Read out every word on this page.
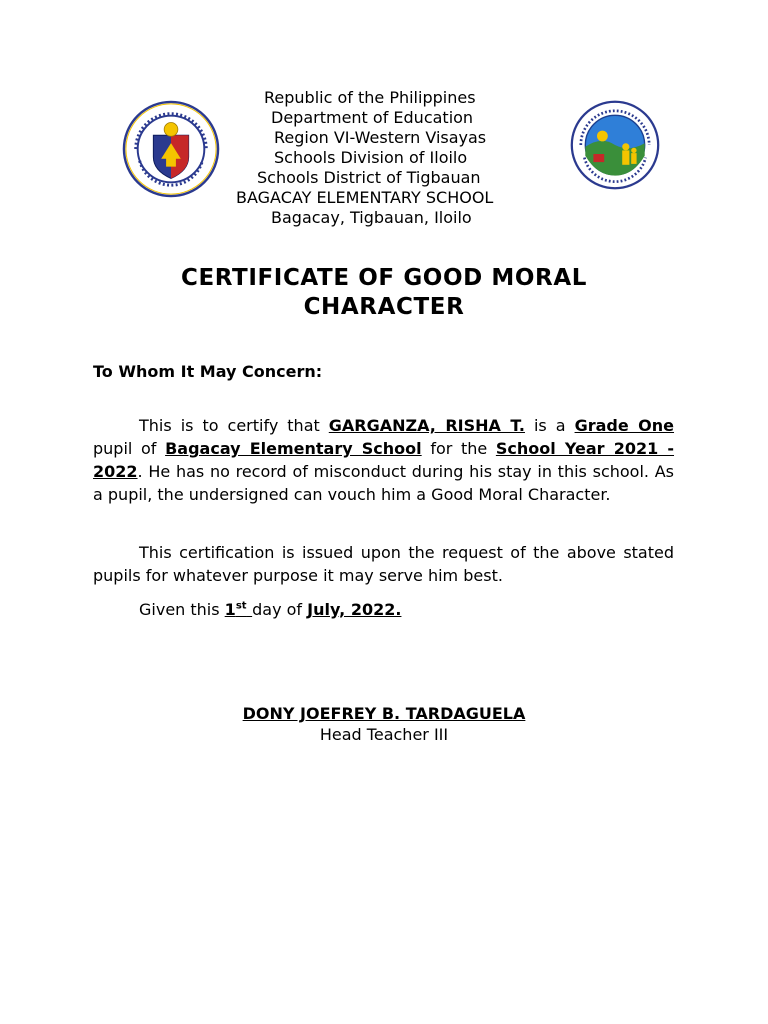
Republic of the Philippines
Department of Education
Region VI-Western Visayas
Schools Division of Iloilo
Schools District of Tigbauan
BAGACAY ELEMENTARY SCHOOL
Bagacay, Tigbauan, Iloilo
CERTIFICATE OF GOOD MORAL
CHARACTER
To Whom It May Concern:

This is to certify that GARGANZA, RISHA T. is a Grade One pupil of Bagacay Elementary School for the School Year 2021 - 2022. He has no record of misconduct during his stay in this school. As a pupil, the undersigned can vouch him a Good Moral Character.

This certification is issued upon the request of the above stated pupils for whatever purpose it may serve him best.

Given this 1st day of July, 2022.

DONY JOEFREY B. TARDAGUELA
Head Teacher III
